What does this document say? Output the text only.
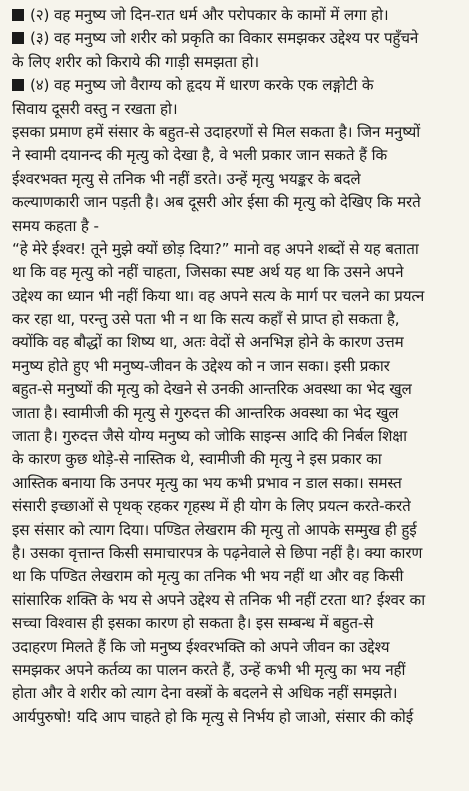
(२) वह मनुष्य जो दिन-रात धर्म और परोपकार के कामों में लगा हो।
(३) वह मनुष्य जो शरीर को प्रकृति का विकार समझकर उद्देश्य पर पहुँचने
के लिए शरीर को किराये की गाड़ी समझता हो।
(४) वह मनुष्य जो वैराग्य को हृदय में धारण करके एक लङ्गोटी के
सिवाय दूसरी वस्तु न रखता हो।
इसका प्रमाण हमें संसार के बहुत-से उदाहरणों से मिल सकता है। जिन मनुष्यों
ने स्वामी दयानन्द की मृत्यु को देखा है, वे भली प्रकार जान सकते हैं कि
ईश्वरभक्त मृत्यु से तनिक भी नहीं डरते। उन्हें मृत्यु भयङ्कर के बदले
कल्याणकारी जान पड़ती है। अब दूसरी ओर ईसा की मृत्यु को देखिए कि मरते
समय कहता है -
“हे मेरे ईश्वर! तूने मुझे क्यों छोड़ दिया?” मानो वह अपने शब्दों से यह बताता
था कि वह मृत्यु को नहीं चाहता, जिसका स्पष्ट अर्थ यह था कि उसने अपने
उद्देश्य का ध्यान भी नहीं किया था। वह अपने सत्य के मार्ग पर चलने का प्रयत्न
कर रहा था, परन्तु उसे पता भी न था कि सत्य कहाँ से प्राप्त हो सकता है,
क्योंकि वह बौद्धों का शिष्य था, अतः वेदों से अनभिज्ञ होने के कारण उत्तम
मनुष्य होते हुए भी मनुष्य-जीवन के उद्देश्य को न जान सका। इसी प्रकार
बहुत-से मनुष्यों की मृत्यु को देखने से उनकी आन्तरिक अवस्था का भेद खुल
जाता है। स्वामीजी की मृत्यु से गुरुदत्त की आन्तरिक अवस्था का भेद खुल
जाता है। गुरुदत्त जैसे योग्य मनुष्य को जोकि साइन्स आदि की निर्बल शिक्षा
के कारण कुछ थोड़े-से नास्तिक थे, स्वामीजी की मृत्यु ने इस प्रकार का
आस्तिक बनाया कि उनपर मृत्यु का भय कभी प्रभाव न डाल सका। समस्त
संसारी इच्छाओं से पृथक् रहकर गृहस्थ में ही योग के लिए प्रयत्न करते-करते
इस संसार को त्याग दिया। पण्डित लेखराम की मृत्यु तो आपके सम्मुख ही हुई
है। उसका वृत्तान्त किसी समाचारपत्र के पढ़नेवाले से छिपा नहीं है। क्या कारण
था कि पण्डित लेखराम को मृत्यु का तनिक भी भय नहीं था और वह किसी
सांसारिक शक्ति के भय से अपने उद्देश्य से तनिक भी नहीं टरता था? ईश्वर का
सच्चा विश्वास ही इसका कारण हो सकता है। इस सम्बन्ध में बहुत-से
उदाहरण मिलते हैं कि जो मनुष्य ईश्वरभक्ति को अपने जीवन का उद्देश्य
समझकर अपने कर्तव्य का पालन करते हैं, उन्हें कभी भी मृत्यु का भय नहीं
होता और वे शरीर को त्याग देना वस्त्रों के बदलने से अधिक नहीं समझते।
आर्यपुरुषो! यदि आप चाहते हो कि मृत्यु से निर्भय हो जाओ, संसार की कोई
